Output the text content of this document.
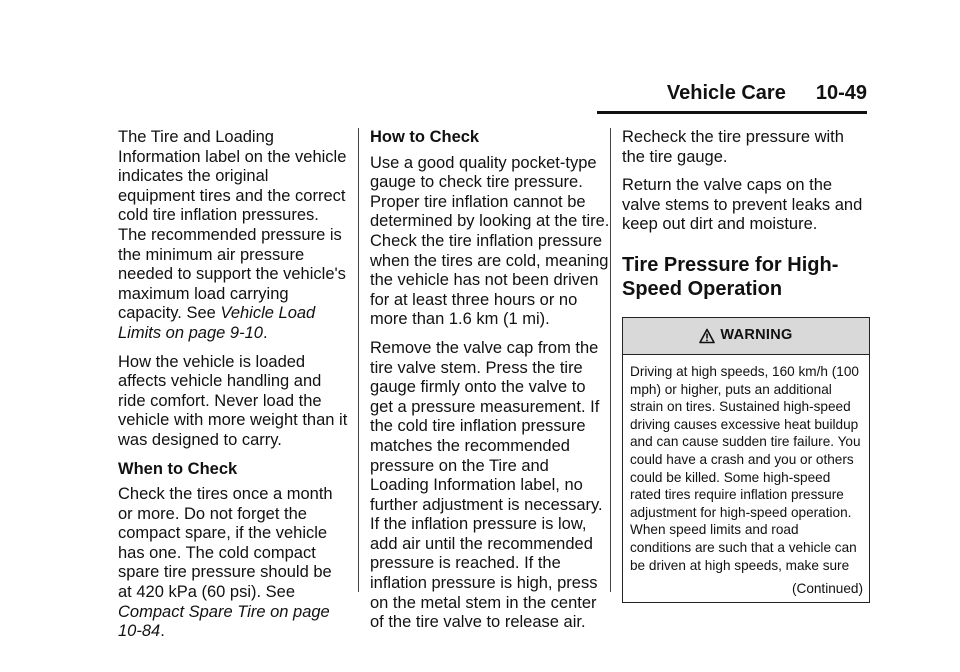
Vehicle Care 10-49

The Tire and Loading Information label on the vehicle indicates the original equipment tires and the correct cold tire inflation pressures. The recommended pressure is the minimum air pressure needed to support the vehicle's maximum load carrying capacity. See Vehicle Load Limits on page 9-10.

How the vehicle is loaded affects vehicle handling and ride comfort. Never load the vehicle with more weight than it was designed to carry.

When to Check

Check the tires once a month or more. Do not forget the compact spare, if the vehicle has one. The cold compact spare tire pressure should be at 420 kPa (60 psi). See Compact Spare Tire on page 10-84.

How to Check

Use a good quality pocket-type gauge to check tire pressure. Proper tire inflation cannot be determined by looking at the tire. Check the tire inflation pressure when the tires are cold, meaning the vehicle has not been driven for at least three hours or no more than 1.6 km (1 mi).

Remove the valve cap from the tire valve stem. Press the tire gauge firmly onto the valve to get a pressure measurement. If the cold tire inflation pressure matches the recommended pressure on the Tire and Loading Information label, no further adjustment is necessary. If the inflation pressure is low, add air until the recommended pressure is reached. If the inflation pressure is high, press on the metal stem in the center of the tire valve to release air.

Recheck the tire pressure with the tire gauge.

Return the valve caps on the valve stems to prevent leaks and keep out dirt and moisture.

Tire Pressure for High-Speed Operation
WARNING
Driving at high speeds, 160 km/h (100 mph) or higher, puts an additional strain on tires. Sustained high-speed driving causes excessive heat buildup and can cause sudden tire failure. You could have a crash and you or others could be killed. Some high-speed rated tires require inflation pressure adjustment for high-speed operation. When speed limits and road conditions are such that a vehicle can be driven at high speeds, make sure
(Continued)
